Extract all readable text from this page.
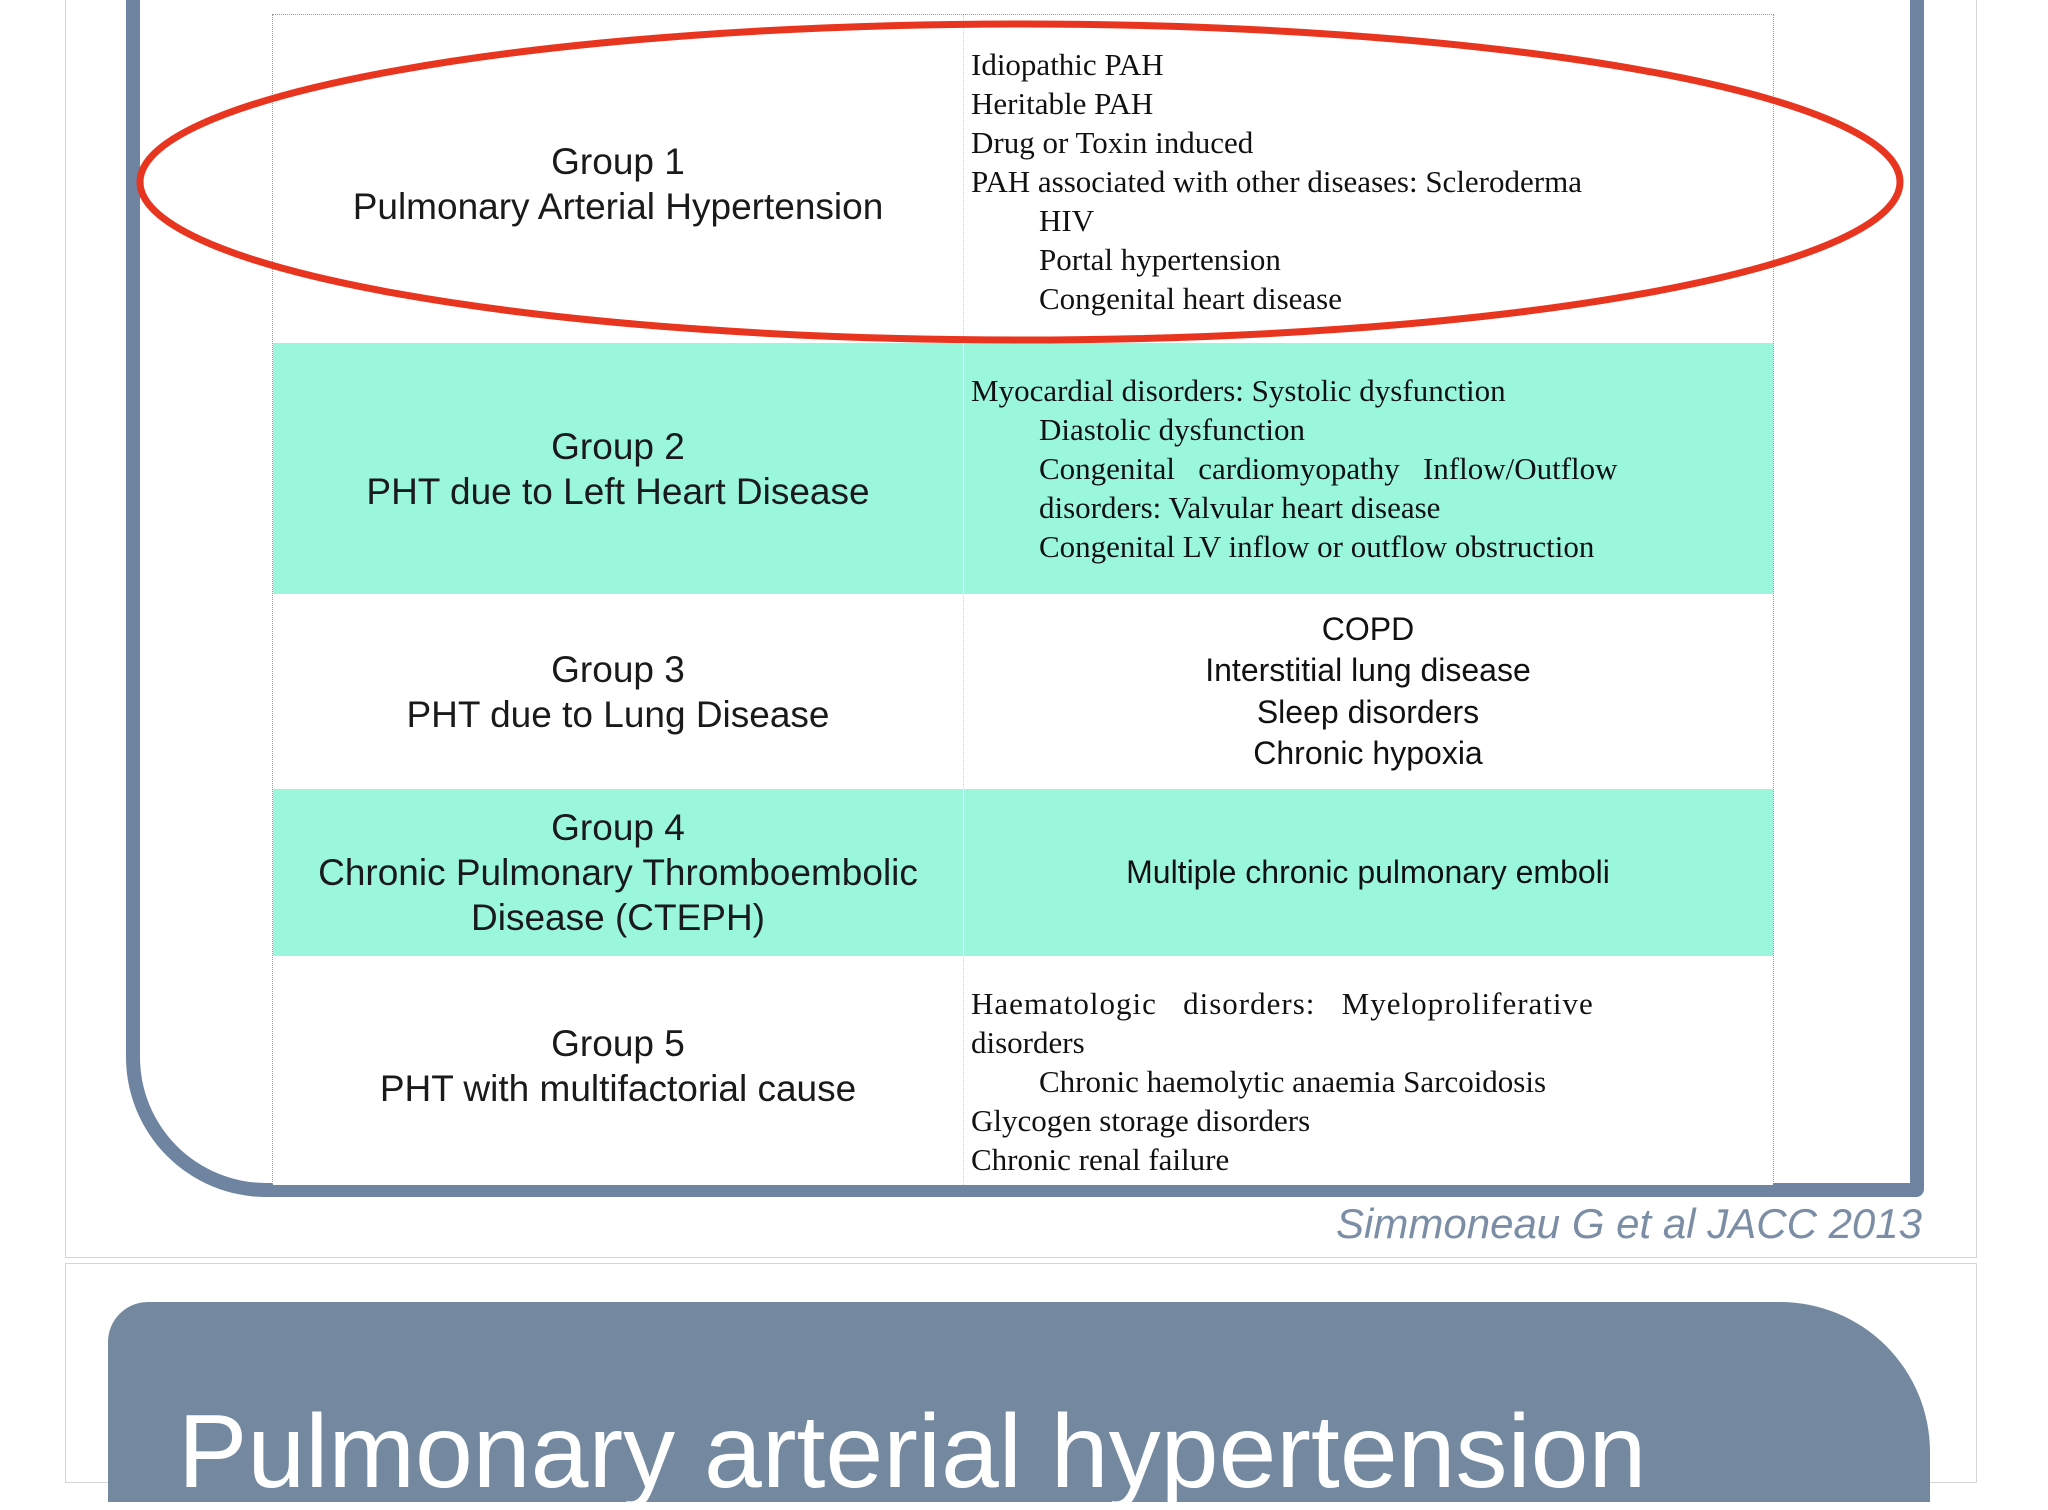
Group 1
Pulmonary Arterial Hypertension
Idiopathic PAH
Heritable PAH
Drug or Toxin induced
PAH associated with other diseases: Scleroderma
HIV
Portal hypertension
Congenital heart disease
Group 2
PHT due to Left Heart Disease
Myocardial disorders: Systolic dysfunction
Diastolic dysfunction
Congenital   cardiomyopathy   Inflow/Outflow
disorders: Valvular heart disease
Congenital LV inflow or outflow obstruction
Group 3
PHT due to Lung Disease
COPD
Interstitial lung disease
Sleep disorders
Chronic hypoxia
Group 4
Chronic Pulmonary Thromboembolic
Disease (CTEPH)
Multiple chronic pulmonary emboli
Group 5
PHT with multifactorial cause
Haematologic   disorders:   Myeloproliferative
disorders
Chronic haemolytic anaemia Sarcoidosis
Glycogen storage disorders
Chronic renal failure
Simmoneau G et al JACC 2013
Pulmonary arterial hypertension
